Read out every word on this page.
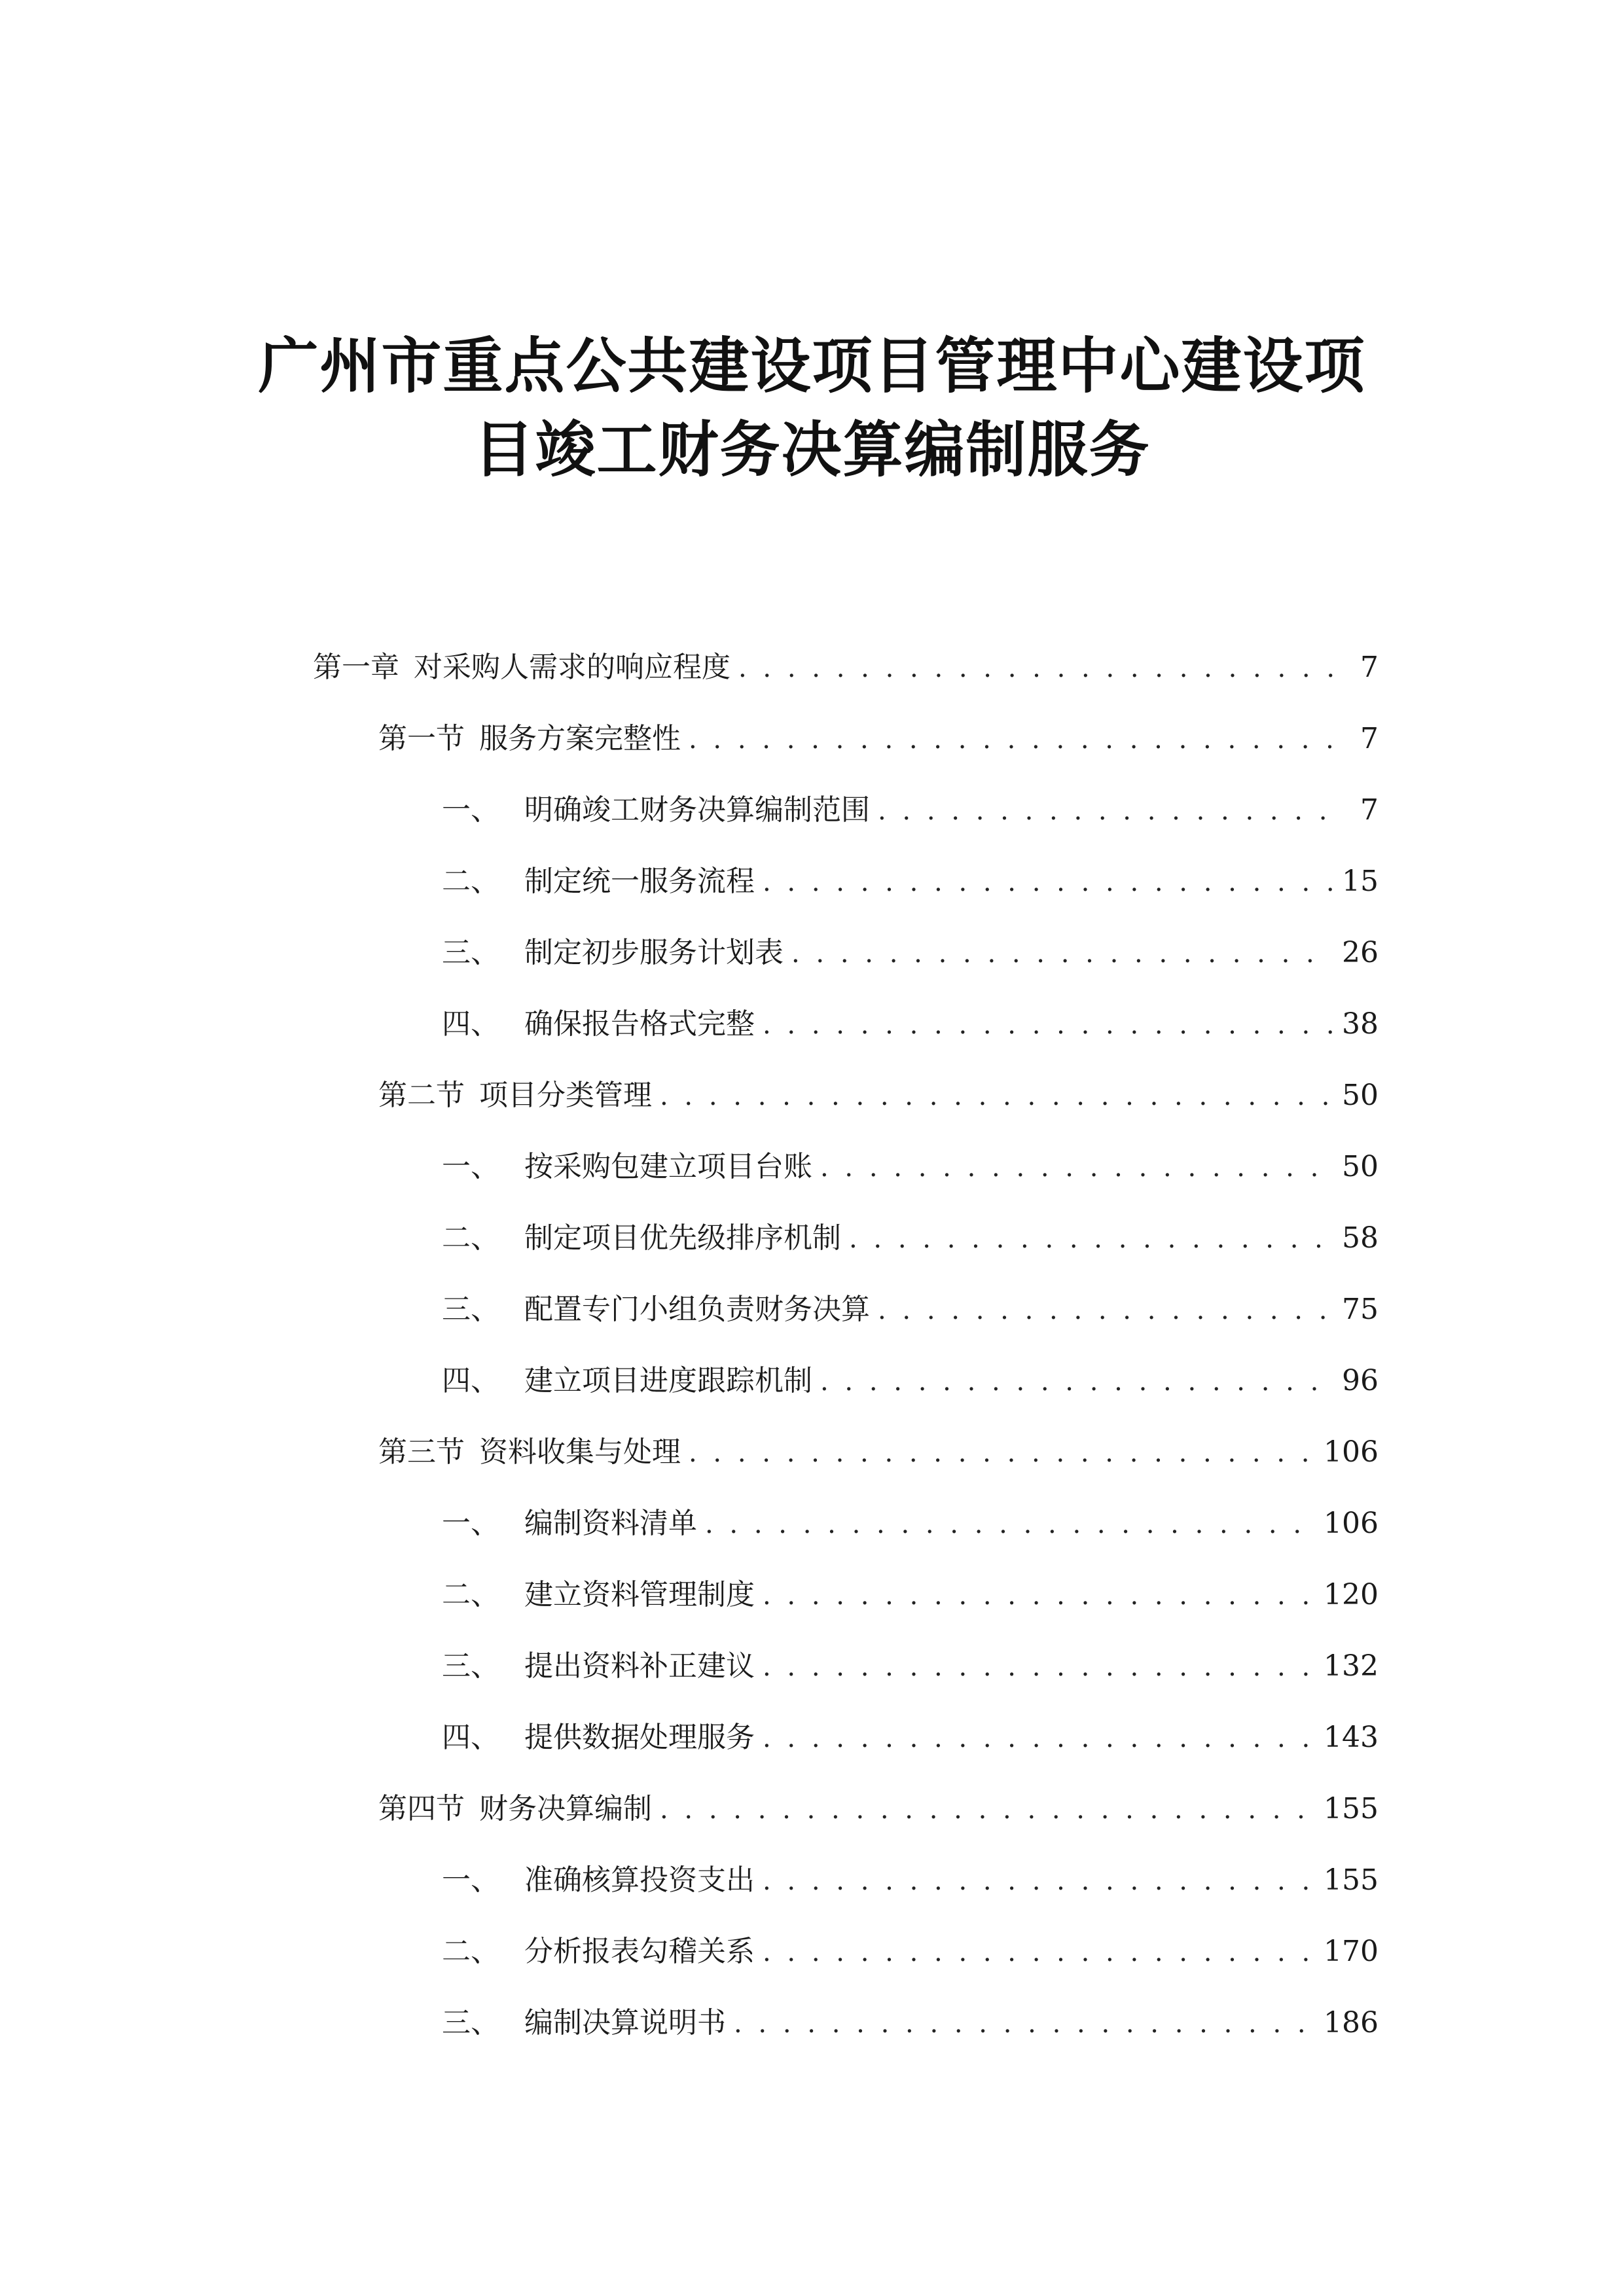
广州市重点公共建设项目管理中心建设项
目竣工财务决算编制服务
第一章 对采购人需求的响应程度 . . .	7
第一节 服务方案完整性 . . .	7
一、 明确竣工财务决算编制范围 . . .	7
二、 制定统一服务流程 . . .	15
三、 制定初步服务计划表 . . .	26
四、 确保报告格式完整 . . .	38
第二节 项目分类管理 . . .	50
一、 按采购包建立项目台账 . . .	50
二、 制定项目优先级排序机制 . . .	58
三、 配置专门小组负责财务决算 . . .	75
四、 建立项目进度跟踪机制 . . .	96
第三节 资料收集与处理 . . .	106
一、 编制资料清单 . . .	106
二、 建立资料管理制度 . . .	120
三、 提出资料补正建议 . . .	132
四、 提供数据处理服务 . . .	143
第四节 财务决算编制 . . .	155
一、 准确核算投资支出 . . .	155
二、 分析报表勾稽关系 . . .	170
三、 编制决算说明书 . . .	186
